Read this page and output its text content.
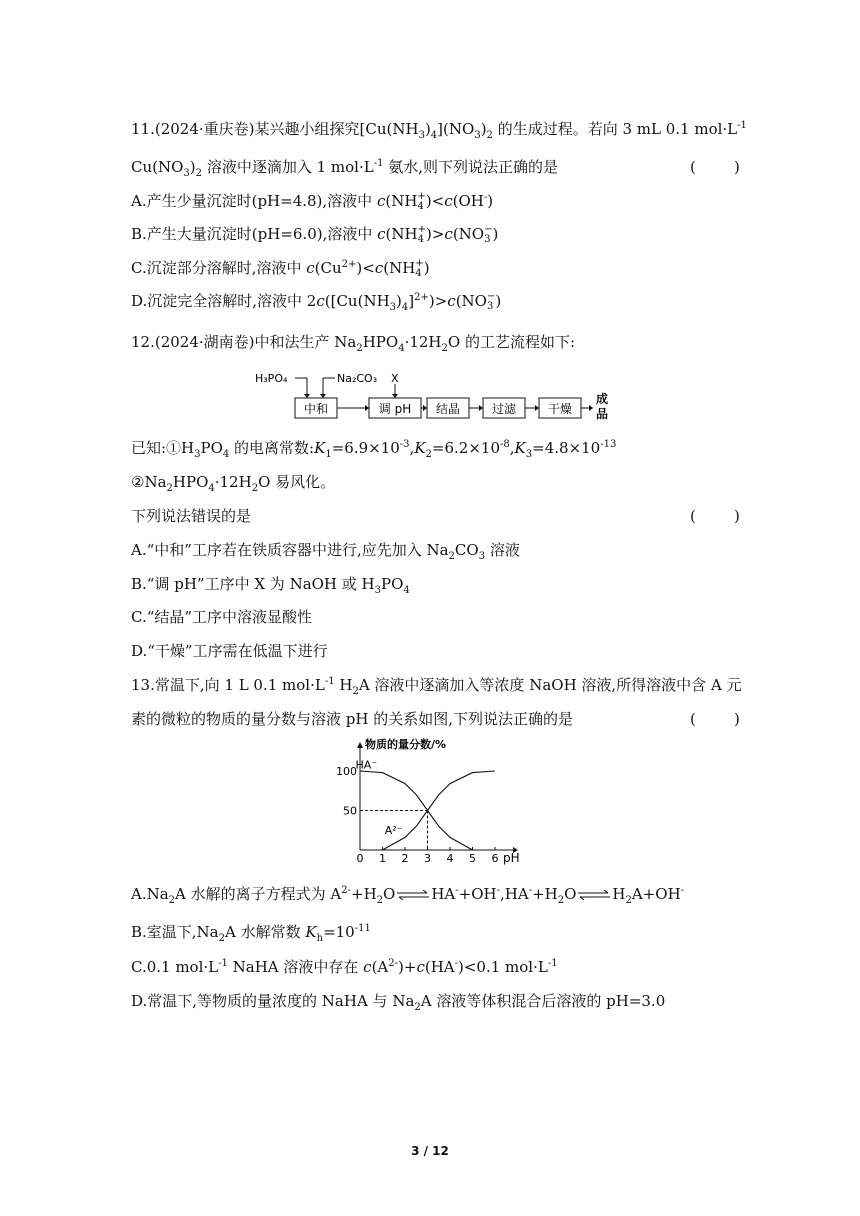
11.(2024·重庆卷)某兴趣小组探究$[Cu(NH_3)_4](NO_3)_2$ 的生成过程。若向 3 mL 0.1 $mol\cdot L^{-1}$
$Cu(NO_3)_2$ 溶液中逐滴加入 1 $mol\cdot L^{-1}$ 氨水,则下列说法正确的是	(        )
A.产生少量沉淀时(pH=4.8),溶液中 c(NH +
4 )<c(OH-)
B.产生大量沉淀时(pH=6.0),溶液中 c(NH +
4 )>c(NO −
3 )
C.沉淀部分溶解时,溶液中 $c(Cu^{2+})<c(NH$ +
4 )
D.沉淀完全溶解时,溶液中 $2c([Cu(NH_3)_4]^{2+})>c(NO$ −
3 )
12.(2024·湖南卷)中和法生产 $Na_2HPO_4\cdot 12H_2O$ 的工艺流程如下:
H₃PO₄	Na₂CO₃ X
中和	调 pH 结晶	过滤	干燥
成品
已知$:①H_3PO_4$ 的电离常数$:K_1=6.9\times 10^{-3},K_2=6.2\times 10^{-8},K_3=4.8\times 10^{-13}$
$②Na_2HPO_4\cdot 12H_2O$ 易风化。
下列说法错误的是	(        )
A.“中和”工序若在铁质容器中进行,应先加入 $Na_2CO_3$ 溶液
B.“调 pH”工序中 X 为 NaOH 或 $H_3PO_4$
C.“结晶”工序中溶液显酸性
D.“干燥”工序需在低温下进行
13.常温下,向 1 L 0.1 $mol\cdot L^{-1}$ $H_2A$ 溶液中逐滴加入等浓度 NaOH 溶液,所得溶液中含 A 元
素的微粒的物质的量分数与溶液 pH 的关系如图,下列说法正确的是	(        )
物质的量分数/%
pH
0 1 2 3 4 5 6
50
100
HA⁻
A²⁻
$A.Na_2A$ 水解的离子方程式为 $A^{2-}+H_2O\rightleftharpoons HA^-+OH^-,HA^-+H_2O\rightleftharpoons H_2A+OH^-$
B.室温下$,Na_2A$ 水解常数 $K_h=10^{-11}$
C.0.1 $mol\cdot L^{-1}$ NaHA 溶液中存在 $c(A^{2-})+c(HA^-)<0.1$ $mol\cdot L^{-1}$
D.常温下,等物质的量浓度的 NaHA 与 $Na_2A$ 溶液等体积混合后溶液的 pH=3.0
3 / 12
